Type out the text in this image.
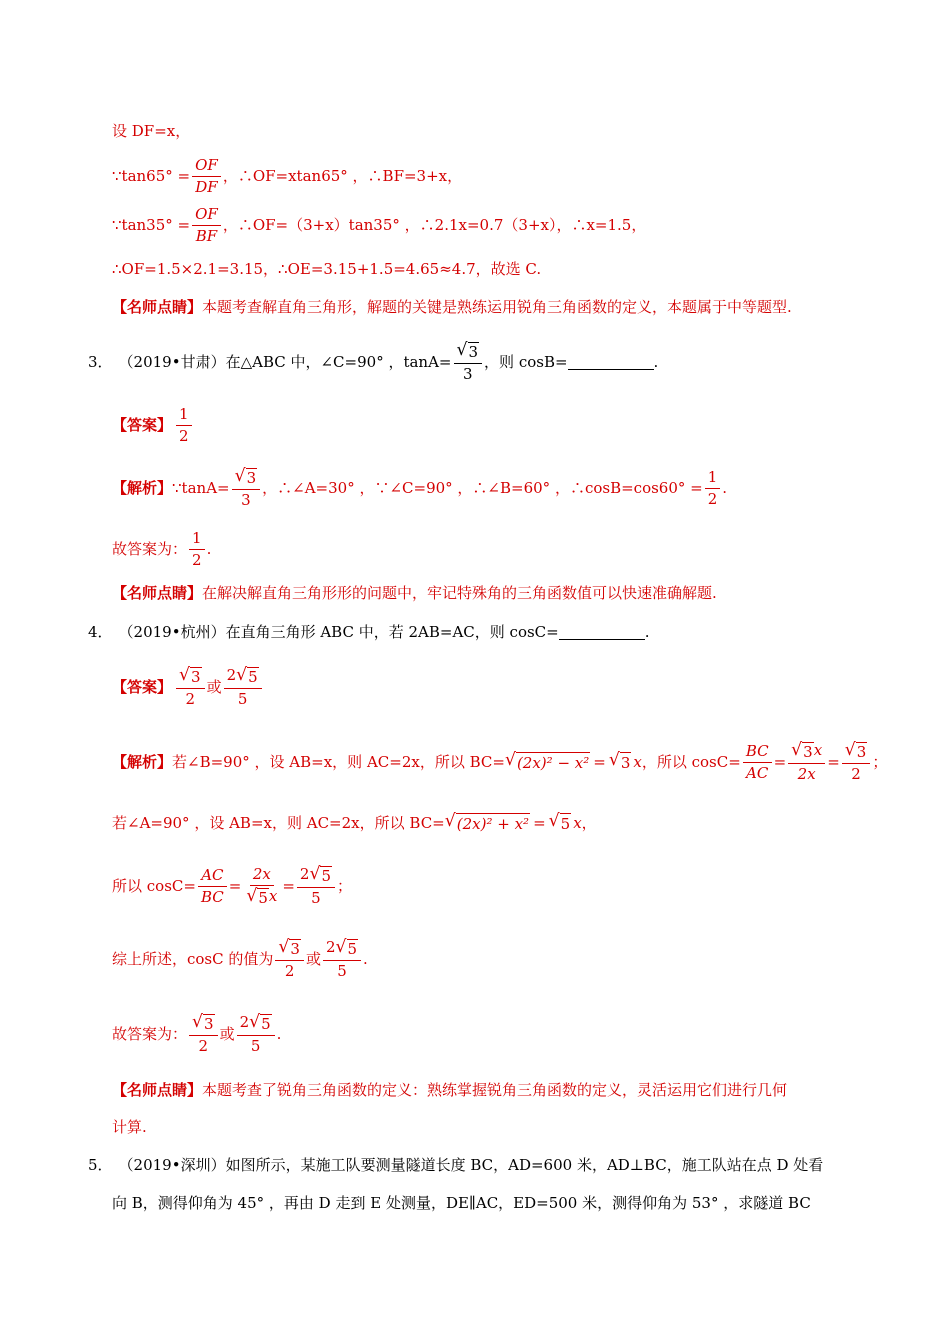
设 DF=x，
∵tan65° = $\frac{OF}{DF}$ ，∴OF=xtan65° ，∴BF=3+x，
∵tan35° = $\frac{OF}{BF}$ ，∴OF=（3+x）tan35° ，∴2.1x=0.7（3+x），∴x=1.5，
∴OF=1.5×2.1=3.15，∴OE=3.15+1.5=4.65≈4.7，故选 C.
【名师点睛】 本题考查解直角三角形，解题的关键是熟练运用锐角三角函数的定义，本题属于中等题型.
3． （2019•甘肃） 在△ABC 中，∠C=90° ，$\tan A= \frac{√ 3}{3}$ ，则 cosB=	.
【答案】 $\frac{1}{2}$
【解析】 ∵tanA= $\frac{√ 3}{3}$ ，∴∠A=30° ，∵∠C=90° ，∴∠B=60° ，∴cosB=cos60° = $\frac{1}{2}$ .
故答案为： $\frac{1}{2}$ .
【名师点睛】 在解决解直角三角形形的问题中，牢记特殊角的三角函数值可以快速准确解题.
4． （2019•杭州） 在直角三角形 ABC 中，若 2AB=AC，则 cosC=	.
【答案】 $\frac{√ 3}{2}$ 或 $\frac{2 √ 5}{5}$
【解析】 若∠B=90° ，设 AB=x，则 AC=2x，所以 BC= √ (2x)² − x² = √ 3 x ，所以 $\cos C= \frac{BC}{AC} = \frac{√ 3 x}{2x} = \frac{√ 3}{2}$ ；
若∠A=90° ，设 AB=x，则 AC=2x，所以 BC= √ (2x)² + x² = √ 5 x ，
所以 $\cos C= \frac{AC}{BC} = \frac{2x}{√ 5 x} = \frac{2 √ 5}{5}$ ；
综上所述，cosC 的值为 $\frac{√ 3}{2}$ 或 $\frac{2 √ 5}{5}$ .
故答案为： $\frac{√ 3}{2}$ 或 $\frac{2 √ 5}{5}$ .
【名师点睛】 本题考查了锐角三角函数的定义：熟练掌握锐角三角函数的定义，灵活运用它们进行几何
计算.
5． （2019•深圳） 如图所示，某施工队要测量隧道长度 BC，AD=600 米，AD⊥BC，施工队站在点 D 处看
向 B，测得仰角为 45° ，再由 D 走到 E 处测量，DE∥AC，ED=500 米，测得仰角为 53° ，求隧道 BC
